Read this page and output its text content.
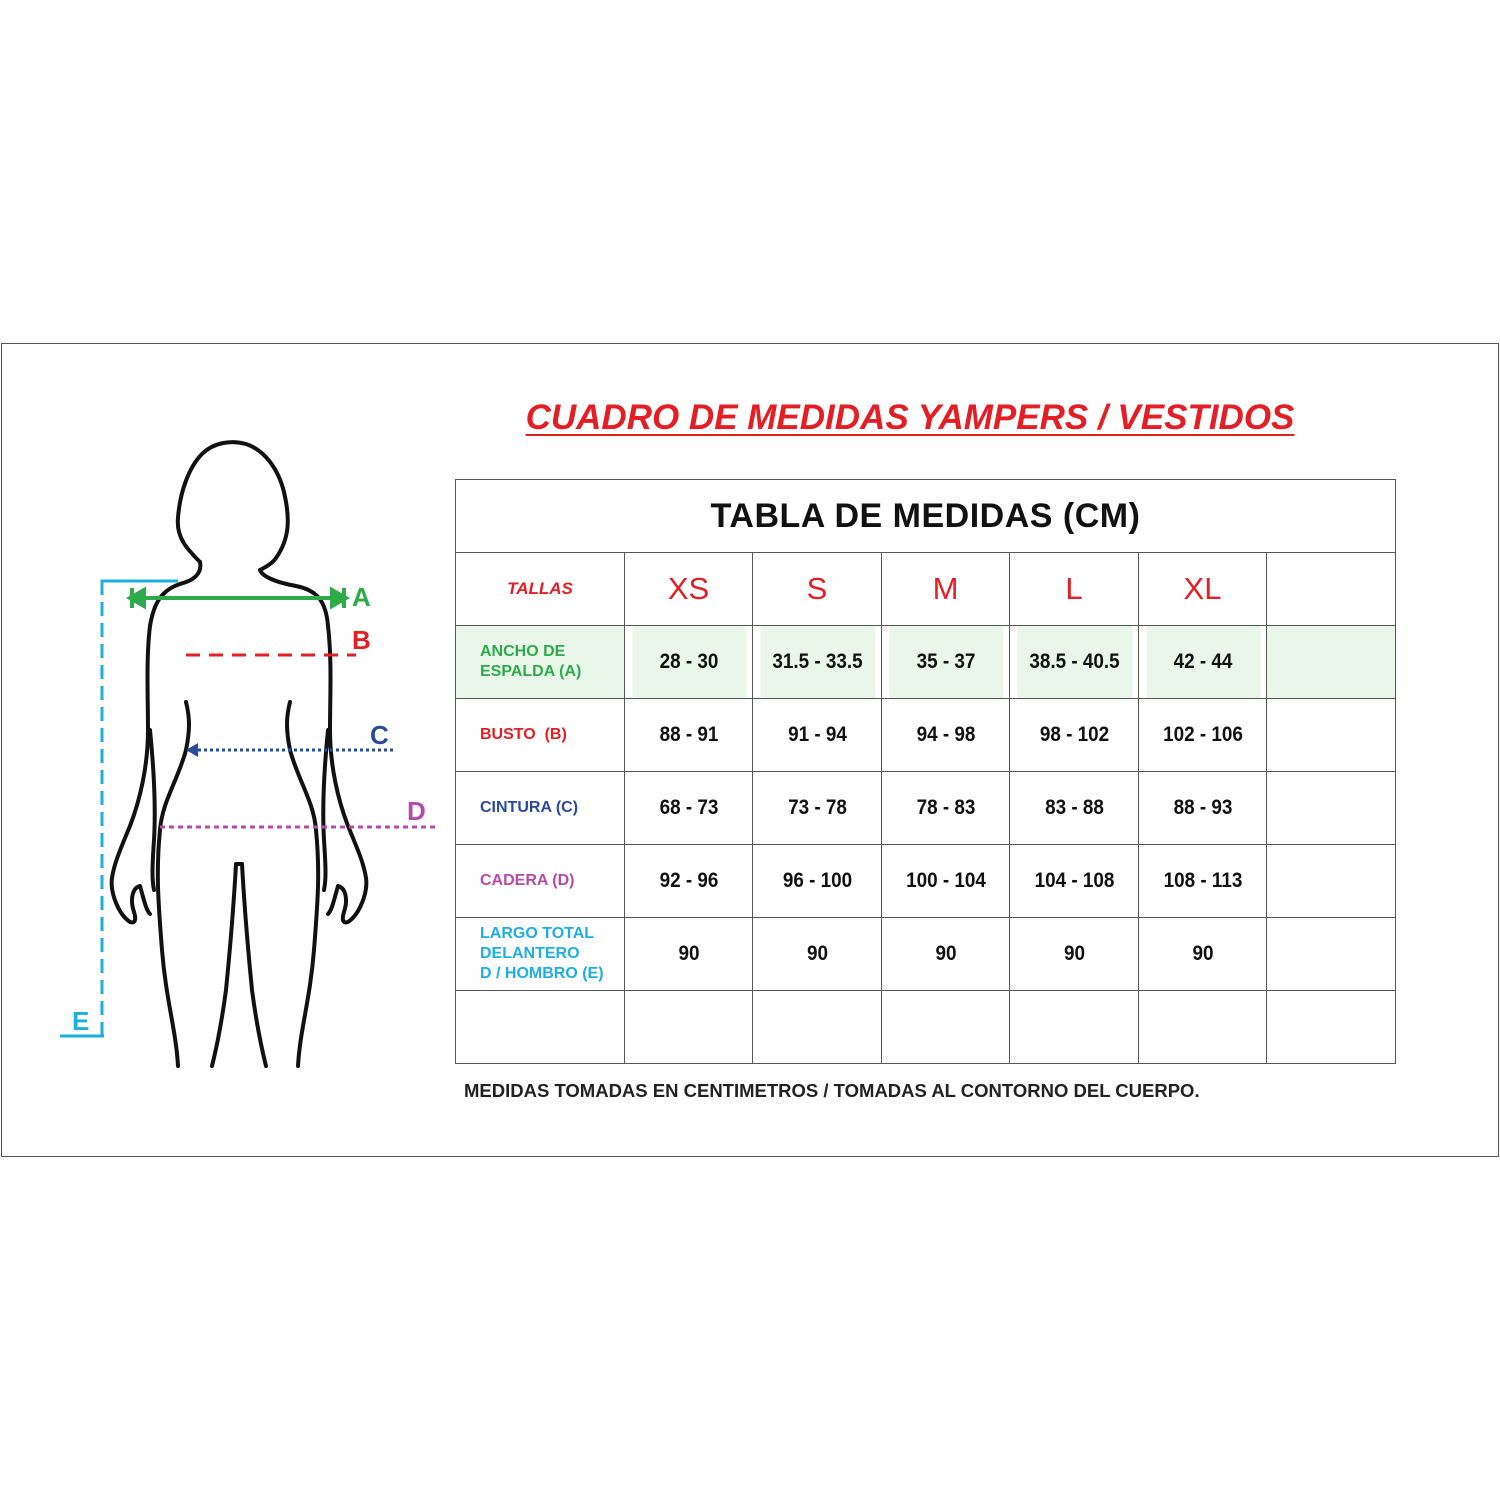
CUADRO DE MEDIDAS YAMPERS / VESTIDOS
A
B
C
D
E
TABLA DE MEDIDAS (CM)						
TALLAS	XS	S	M	L	XL	
ANCHO DE
ESPALDA (A)	28 - 30	31.5 - 33.5	35 - 37	38.5 - 40.5	42 - 44	
BUSTO  (B)	88 - 91	91 - 94	94 - 98	98 - 102	102 - 106	
CINTURA (C)	68 - 73	73 - 78	78 - 83	83 - 88	88 - 93	
CADERA (D)	92 - 96	96 - 100	100 - 104	104 - 108	108 - 113	
LARGO TOTAL
DELANTERO
D / HOMBRO (E)	90	90	90	90	90	

MEDIDAS TOMADAS EN CENTIMETROS / TOMADAS AL CONTORNO DEL CUERPO.
